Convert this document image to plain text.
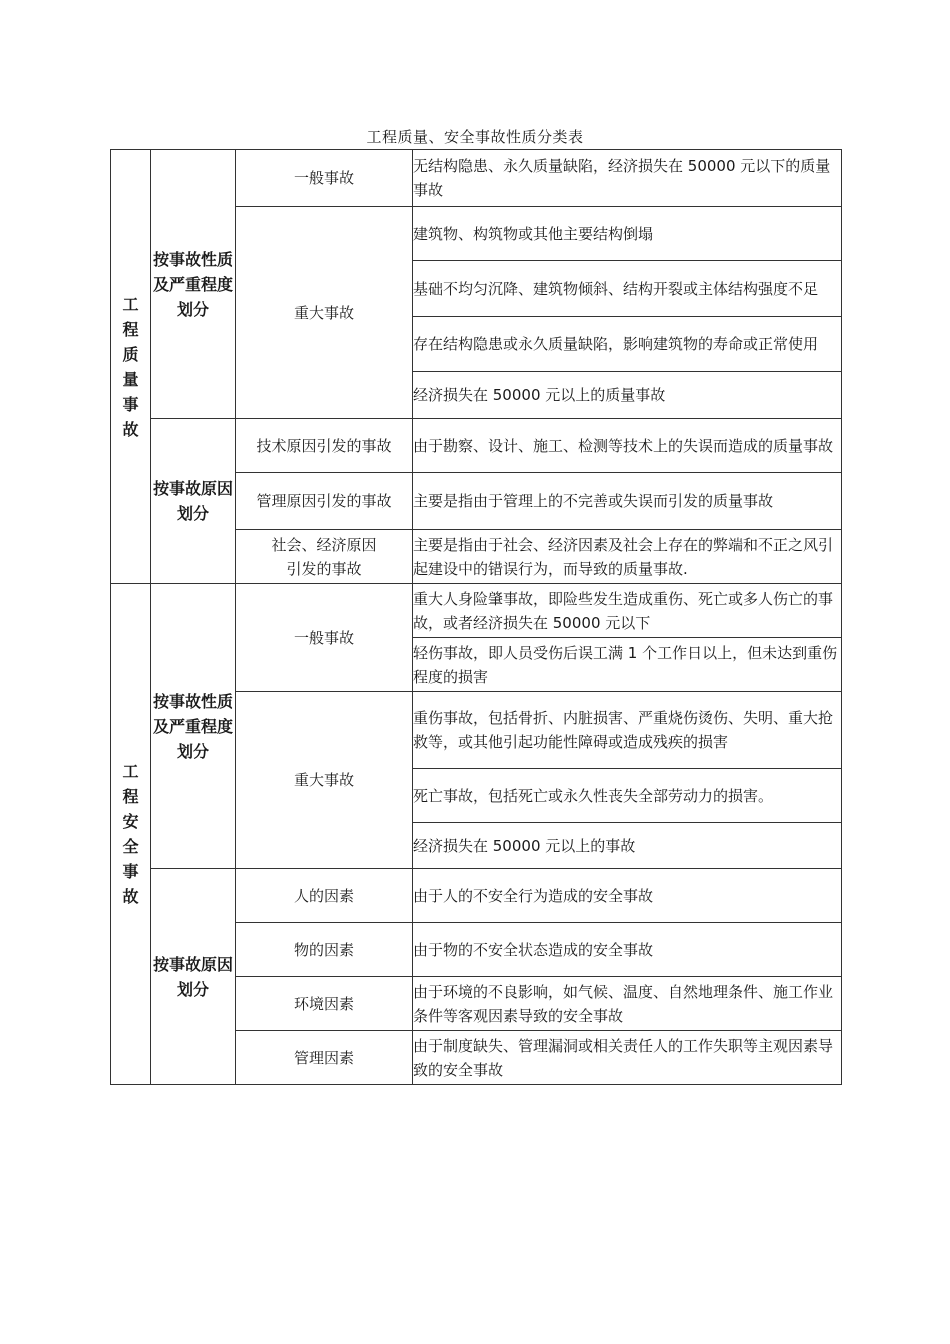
工程质量、安全事故性质分类表
工程质量事故	按事故性质及严重程度划分	一般事故	无结构隐患、永久质量缺陷，经济损失在 50000 元以下的质量事故
		重大事故	建筑物、构筑物或其他主要结构倒塌
			基础不均匀沉降、建筑物倾斜、结构开裂或主体结构强度不足
			存在结构隐患或永久质量缺陷，影响建筑物的寿命或正常使用
			经济损失在 50000 元以上的质量事故

	按事故原因划分	技术原因引发的事故	由于勘察、设计、施工、检测等技术上的失误而造成的质量事故
		管理原因引发的事故	主要是指由于管理上的不完善或失误而引发的质量事故

		社会、经济原因
引发的事故	主要是指由于社会、经济因素及社会上存在的弊端和不正之风引起建设中的错误行为，而导致的质量事故.
工程安全事故	按事故性质及严重程度划分	一般事故	重大人身险肇事故，即险些发生造成重伤、死亡或多人伤亡的事故，或者经济损失在 50000 元以下
			轻伤事故，即人员受伤后误工满 1 个工作日以上，但未达到重伤程度的损害
		重大事故	重伤事故，包括骨折、内脏损害、严重烧伤烫伤、失明、重大抢救等，或其他引起功能性障碍或造成残疾的损害
			死亡事故，包括死亡或永久性丧失全部劳动力的损害。
			经济损失在 50000 元以上的事故
	按事故原因划分	人的因素	由于人的不安全行为造成的安全事故
		物的因素	由于物的不安全状态造成的安全事故
		环境因素	由于环境的不良影响，如气候、温度、自然地理条件、施工作业条件等客观因素导致的安全事故
		管理因素	由于制度缺失、管理漏洞或相关责任人的工作失职等主观因素导致的安全事故
